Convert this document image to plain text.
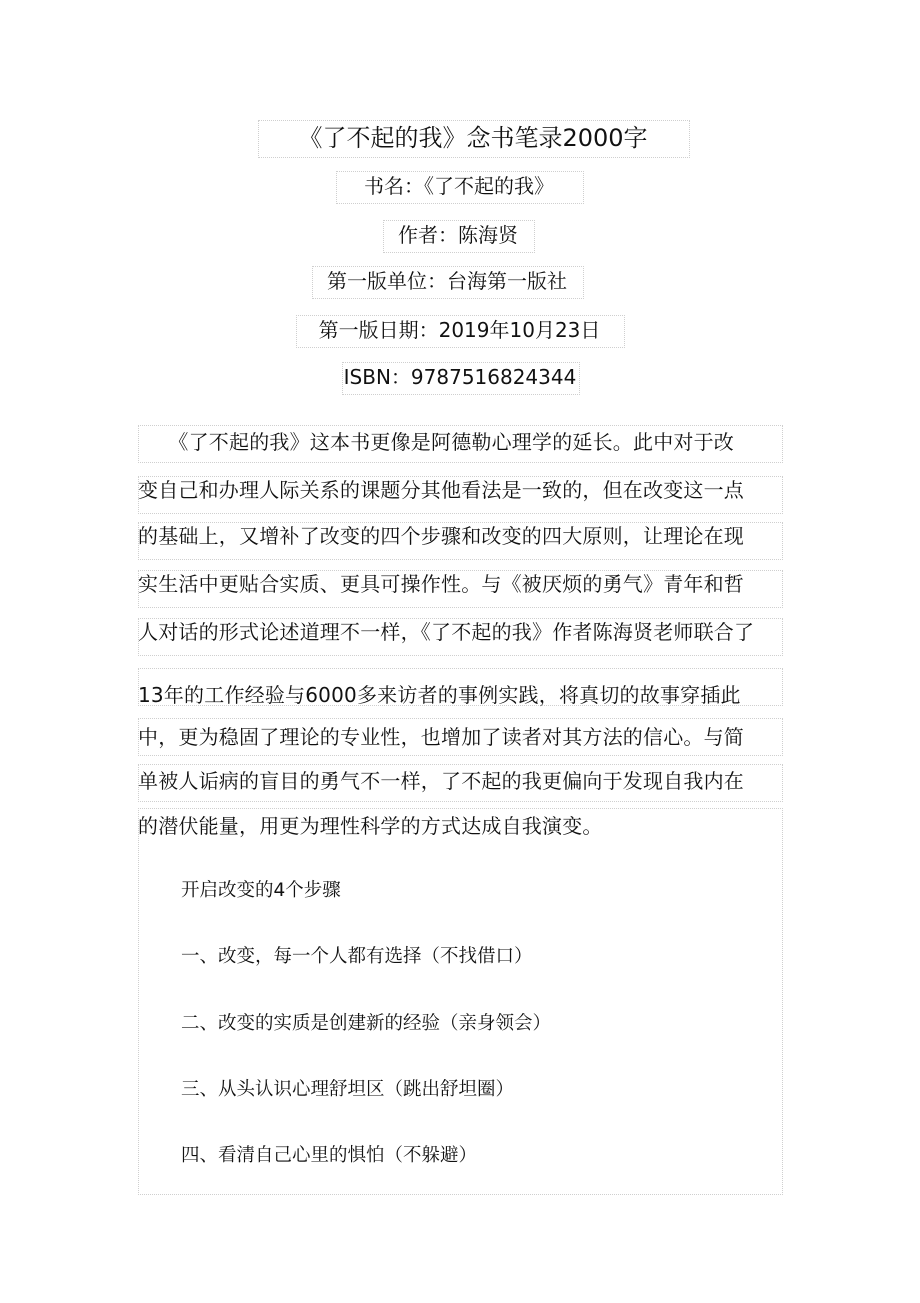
《了不起的我》念书笔录2000字
书名：《了不起的我》
作者：陈海贤
第一版单位：台海第一版社
第一版日期：2019年10月23日
ISBN：9787516824344
　　《了不起的我》这本书更像是阿德勒心理学的延长。此中对于改
变自己和办理人际关系的课题分其他看法是一致的，但在改变这一点
的基础上，又增补了改变的四个步骤和改变的四大原则，让理论在现
实生活中更贴合实质、更具可操作性。与《被厌烦的勇气》青年和哲
人对话的形式论述道理不一样，《了不起的我》作者陈海贤老师联合了
13年的工作经验与6000多来访者的事例实践，将真切的故事穿插此
中，更为稳固了理论的专业性，也增加了读者对其方法的信心。与简
单被人诟病的盲目的勇气不一样，了不起的我更偏向于发现自我内在
的潜伏能量，用更为理性科学的方式达成自我演变。
开启改变的4个步骤
一、改变，每一个人都有选择（不找借口）
二、改变的实质是创建新的经验（亲身领会）
三、从头认识心理舒坦区（跳出舒坦圈）
四、看清自己心里的惧怕（不躲避）
